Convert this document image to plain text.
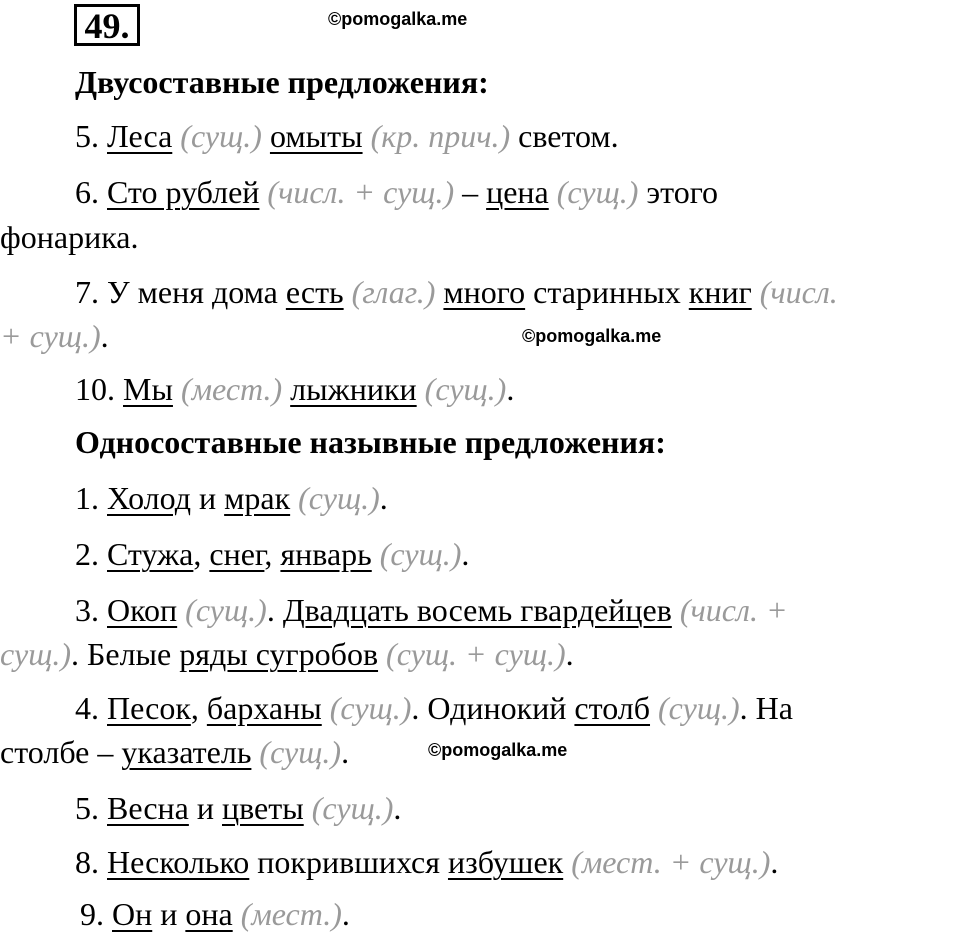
49.	©pomogalka.me
Двусоставные предложения:
5. Леса (сущ.) омыты (кр. прич.) светом.
6. Сто рублей (числ. + сущ.) – цена (сущ.) этого
фонарика.
7. У меня дома есть (глаг.) много старинных книг (числ.
+ сущ.).	©pomogalka.me
10. Мы (мест.) лыжники (сущ.).
Односоставные назывные предложения:
1. Холод и мрак (сущ.).
2. Стужа, снег, январь (сущ.).
3. Окоп (сущ.). Двадцать восемь гвардейцев (числ. +
сущ.). Белые ряды сугробов (сущ. + сущ.).
4. Песок, барханы (сущ.). Одинокий столб (сущ.). На
столбе – указатель (сущ.).	©pomogalka.me
5. Весна и цветы (сущ.).
8. Несколько покрившихся избушек (мест. + сущ.).
9. Он и она (мест.).
